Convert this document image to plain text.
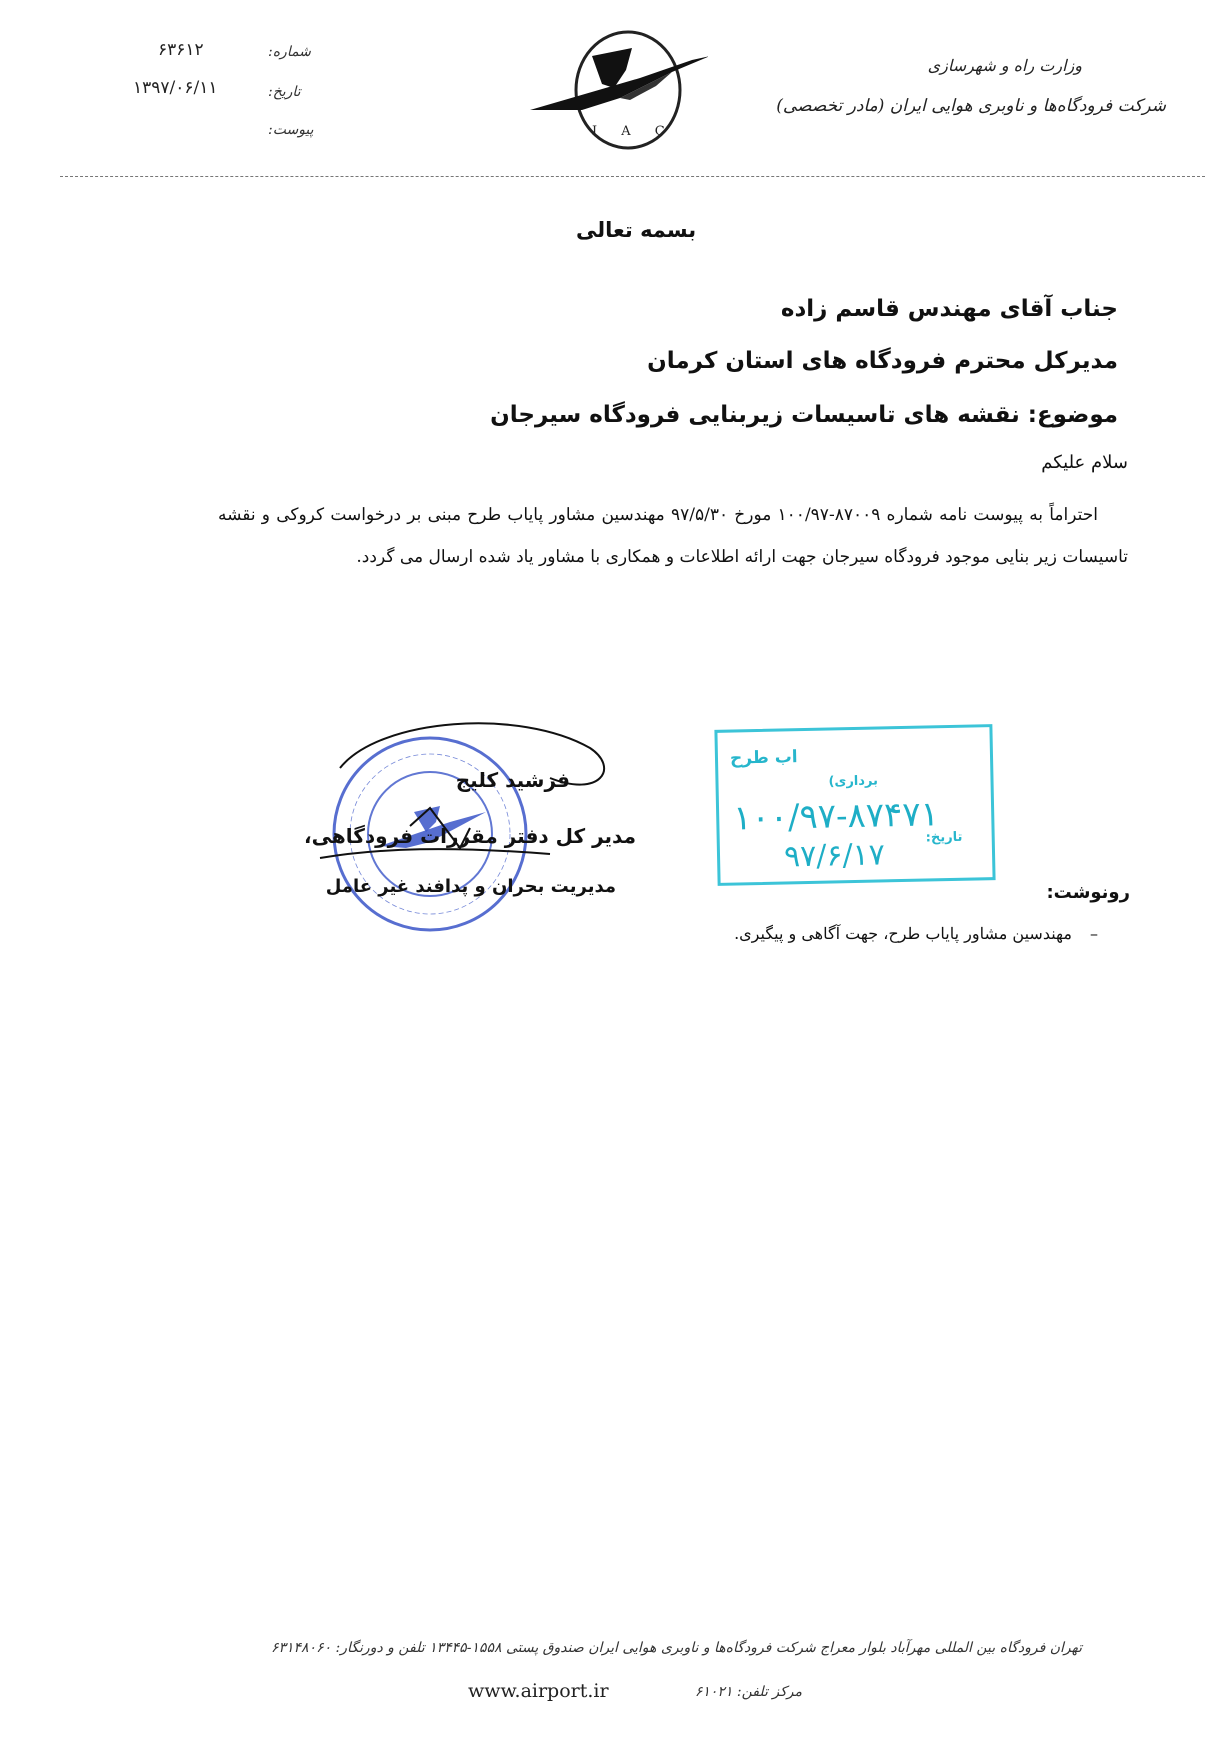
۶۳۶۱۲
۱۳۹۷/۰۶/۱۱
شماره:
تاریخ:
پیوست:	I A C
وزارت راه و شهرسازی
شرکت فرودگاه‌ها و ناوبری هوایی ایران (مادر تخصصی)
بسمه تعالی
جناب آقای مهندس قاسم زاده
مدیرکل محترم فرودگاه های استان کرمان
موضوع: نقشه های تاسیسات زیربنایی فرودگاه سیرجان
سلام علیکم
احتراماً به پیوست نامه شماره ۸۷۰۰۹-۱۰۰/۹۷ مورخ ۹۷/۵/۳۰ مهندسین مشاور پایاب طرح مبنی بر درخواست کروکی و نقشه تاسیسات زیر بنایی موجود فرودگاه سیرجان جهت ارائه اطلاعات و همکاری با مشاور یاد شده ارسال می گردد.
فرشید کلیج
مدیر کل دفتر مقررات فرودگاهی،
مدیریت بحران و پدافند غیر عامل
اب طرح
برداری)
۱۰۰/۹۷-۸۷۴۷۱
تاریخ:
۹۷/۶/۱۷
رونوشت:
–مهندسین مشاور پایاب طرح، جهت آگاهی و پیگیری.
تهران فرودگاه بین المللی مهرآباد بلوار معراج شرکت فرودگاه‌ها و ناوبری هوایی ایران صندوق پستی ۱۵۵۸-۱۳۴۴۵ تلفن و دورنگار: ۶۳۱۴۸۰۶۰
مرکز تلفن: ۶۱۰۲۱
www.airport.ir
